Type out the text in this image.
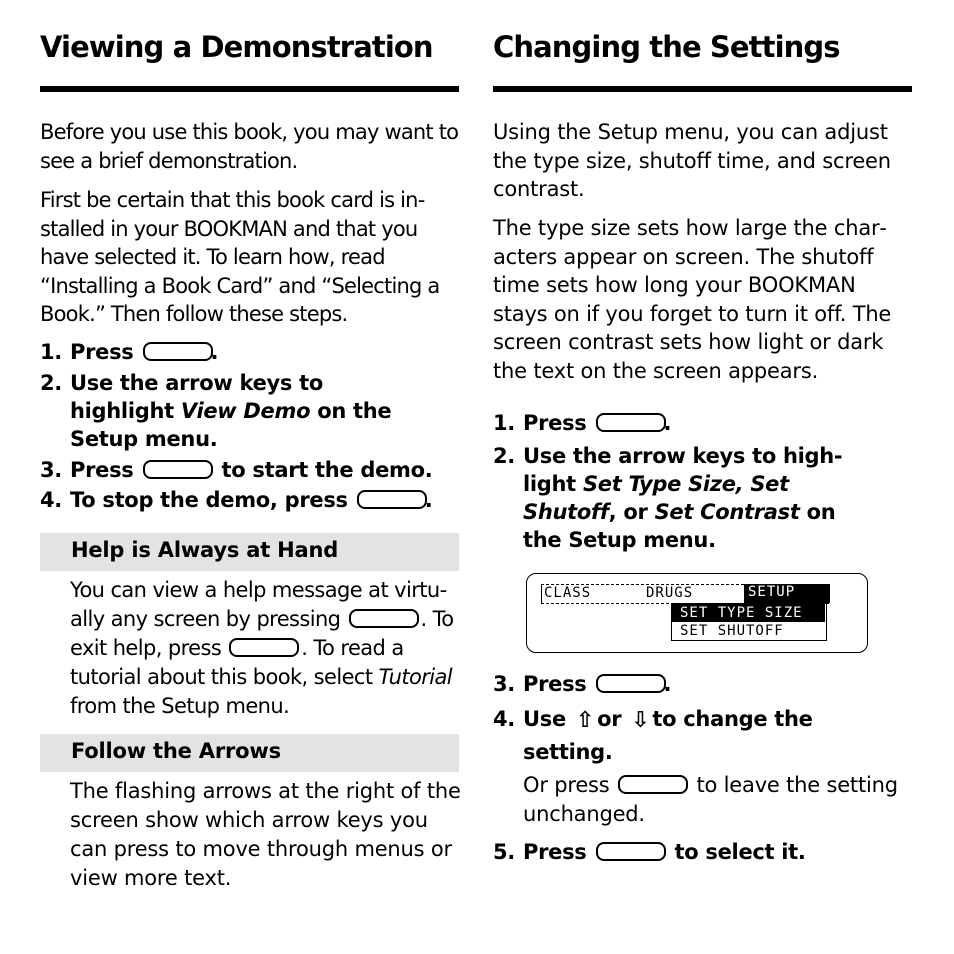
Viewing a Demonstration

Before you use this book, you may want to see a brief demonstration.

First be certain that this book card is installed in your BOOKMAN and that you have selected it. To learn how, read “Installing a Book Card” and “Selecting a Book.” Then follow these steps.

1. Press	.
2. Use the arrow keys to
highlight View Demo on the
Setup menu.
3. Press	to start the demo.
4. To stop the demo, press	.
Help is Always at Hand

You can view a help message at virtually any screen by pressing	. To exit help, press	. To read a tutorial about this book, select Tutorial from the Setup menu.

Follow the Arrows

The flashing arrows at the right of the screen show which arrow keys you can press to move through menus or view more text.

Changing the Settings

Using the Setup menu, you can adjust the type size, shutoff time, and screen contrast.

The type size sets how large the characters appear on screen. The shutoff time sets how long your BOOKMAN stays on if you forget to turn it off. The screen contrast sets how light or dark the text on the screen appears.

1. Press	.
2. Use the arrow keys to high-
light Set Type Size, Set
Shutoff, or Set Contrast on
the Setup menu.
CLASS	DRUGS	SETUP
SET TYPE SIZE
SET SHUTOFF
3. Press	.
4. Use ⇧ or ⇩ to change the
setting.

Or press	to leave the setting unchanged.

5. Press	to select it.
